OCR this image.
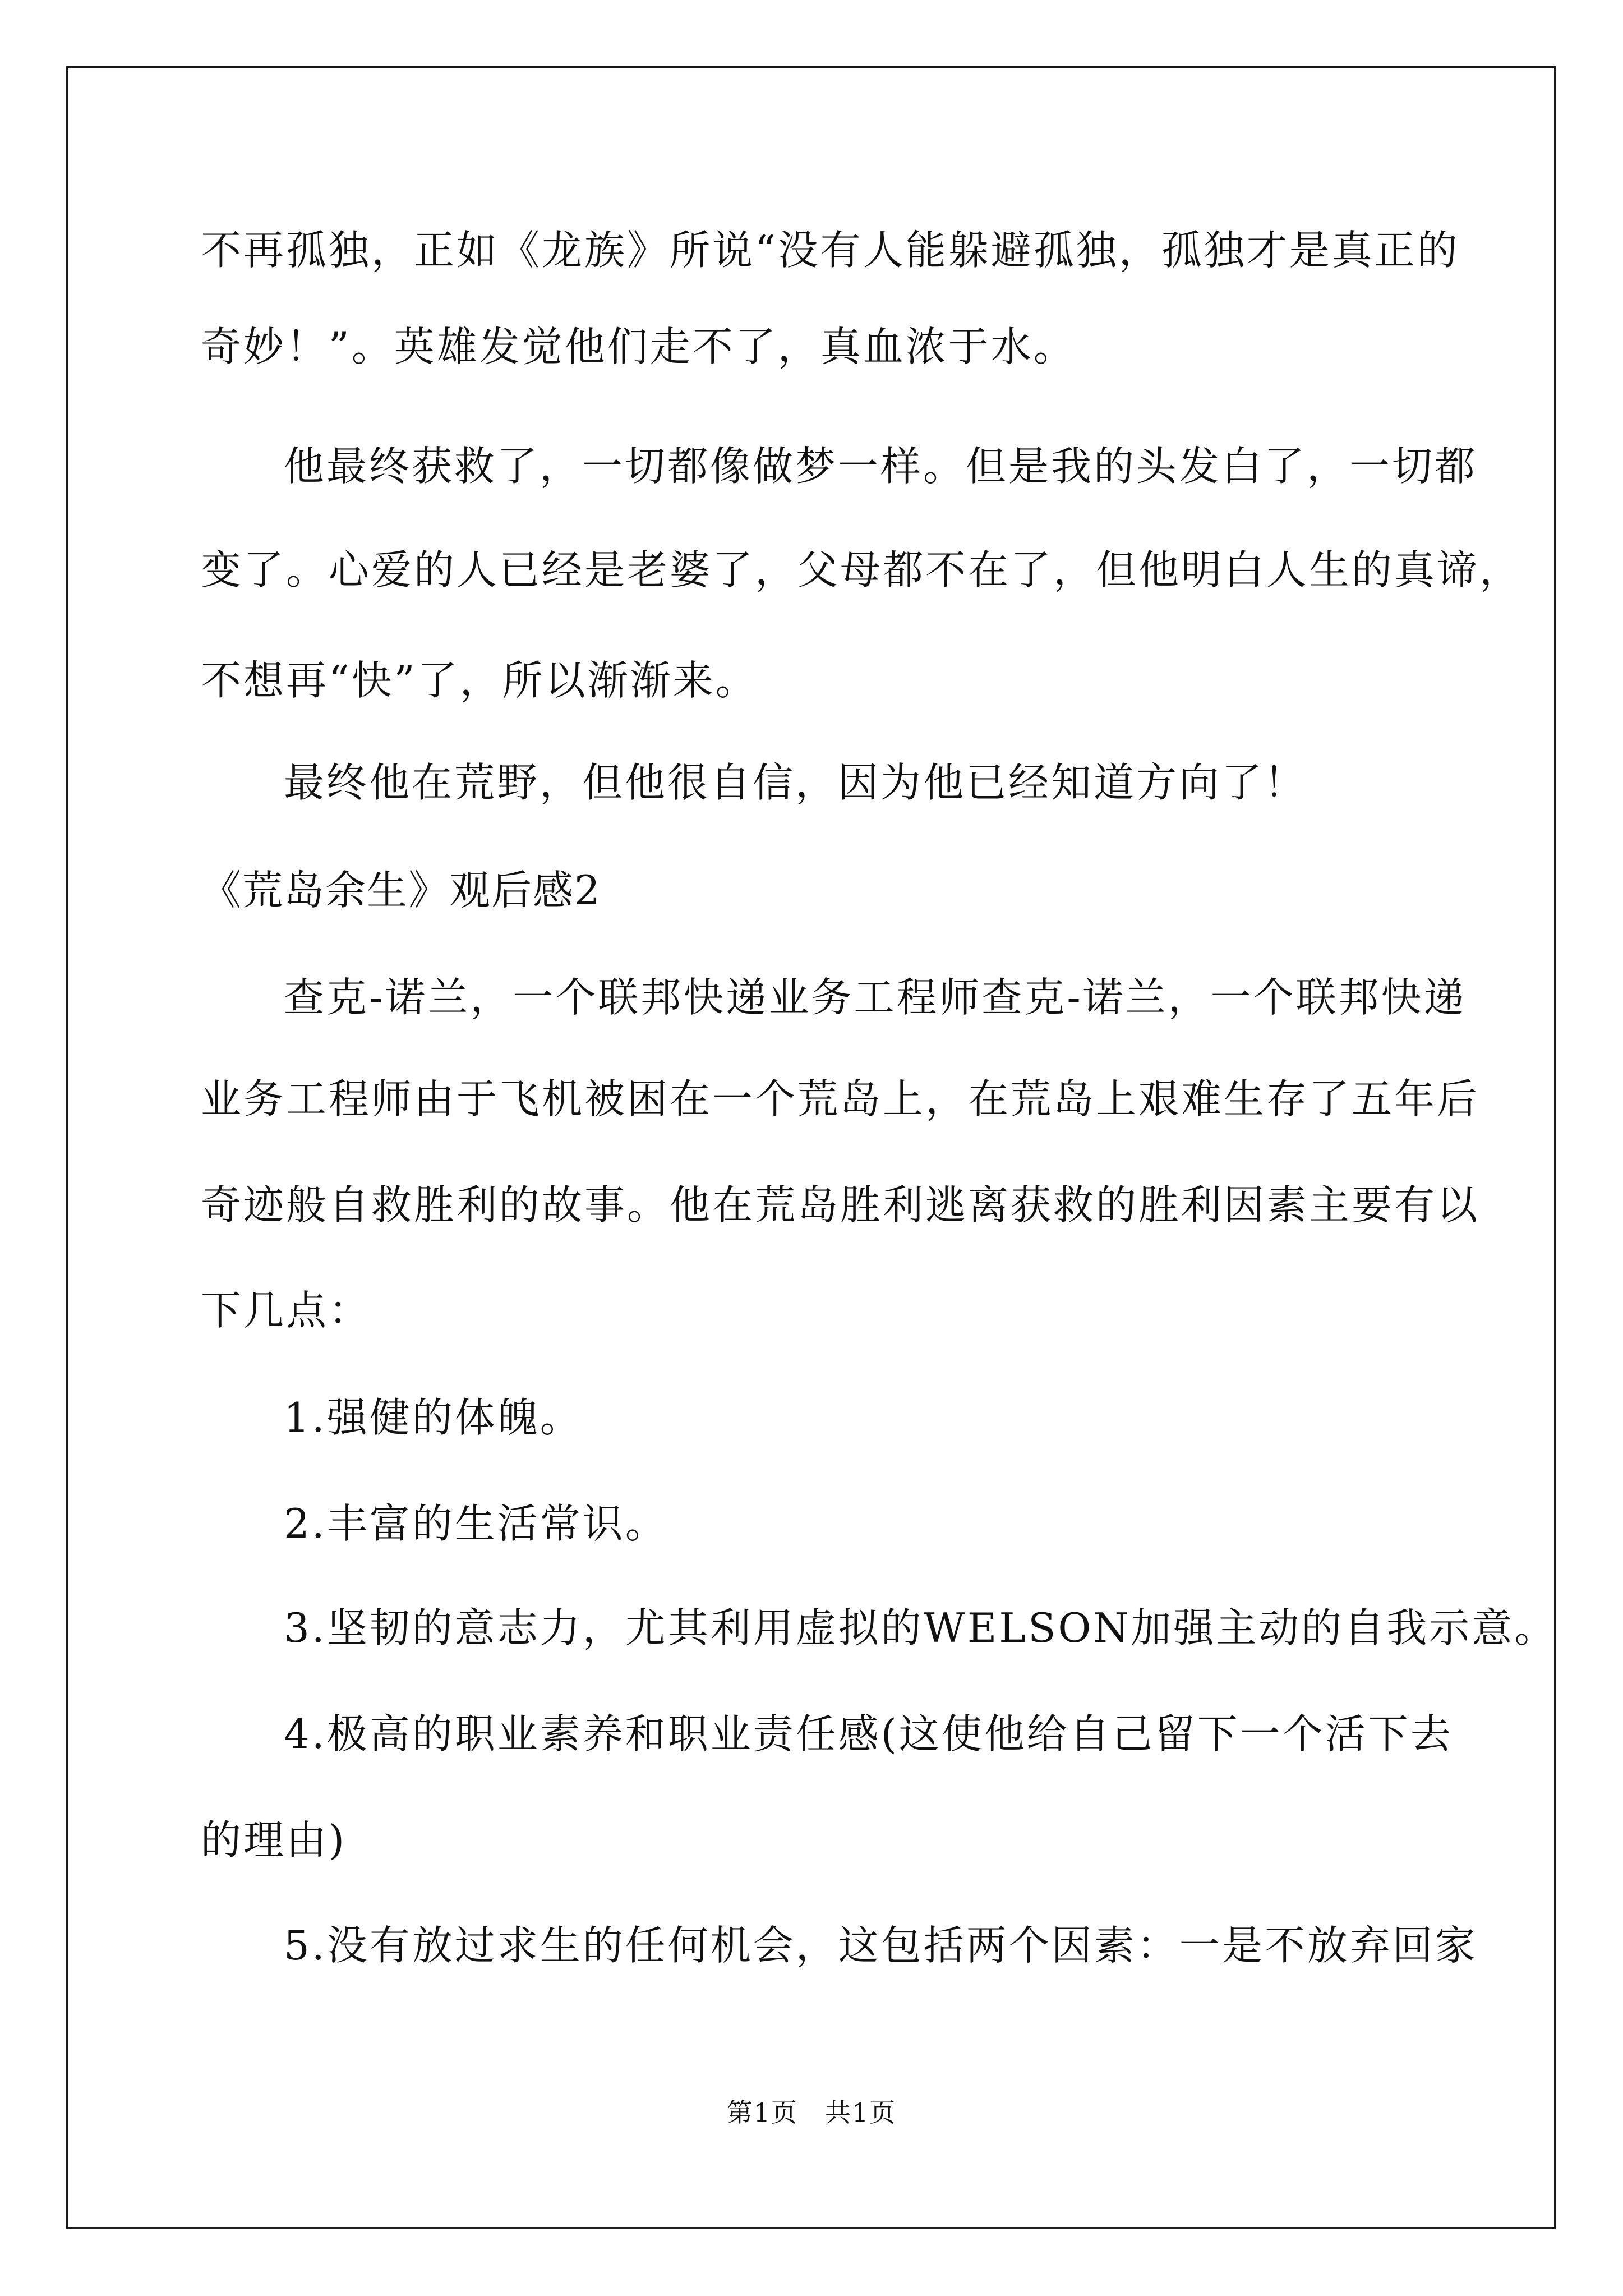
不再孤独，正如《龙族》所说“没有人能躲避孤独，孤独才是真正的
奇妙！”。英雄发觉他们走不了，真血浓于水。
他最终获救了，一切都像做梦一样。但是我的头发白了，一切都
变了。心爱的人已经是老婆了，父母都不在了，但他明白人生的真谛，
不想再“快”了，所以渐渐来。
最终他在荒野，但他很自信，因为他已经知道方向了！
《荒岛余生》观后感2
查克-诺兰，一个联邦快递业务工程师查克-诺兰，一个联邦快递
业务工程师由于飞机被困在一个荒岛上，在荒岛上艰难生存了五年后
奇迹般自救胜利的故事。他在荒岛胜利逃离获救的胜利因素主要有以
下几点：
1.强健的体魄。
2.丰富的生活常识。
3.坚韧的意志力，尤其利用虚拟的WELSON加强主动的自我示意。
4.极高的职业素养和职业责任感(这使他给自己留下一个活下去
的理由)
5.没有放过求生的任何机会，这包括两个因素：一是不放弃回家
第1页　共1页
